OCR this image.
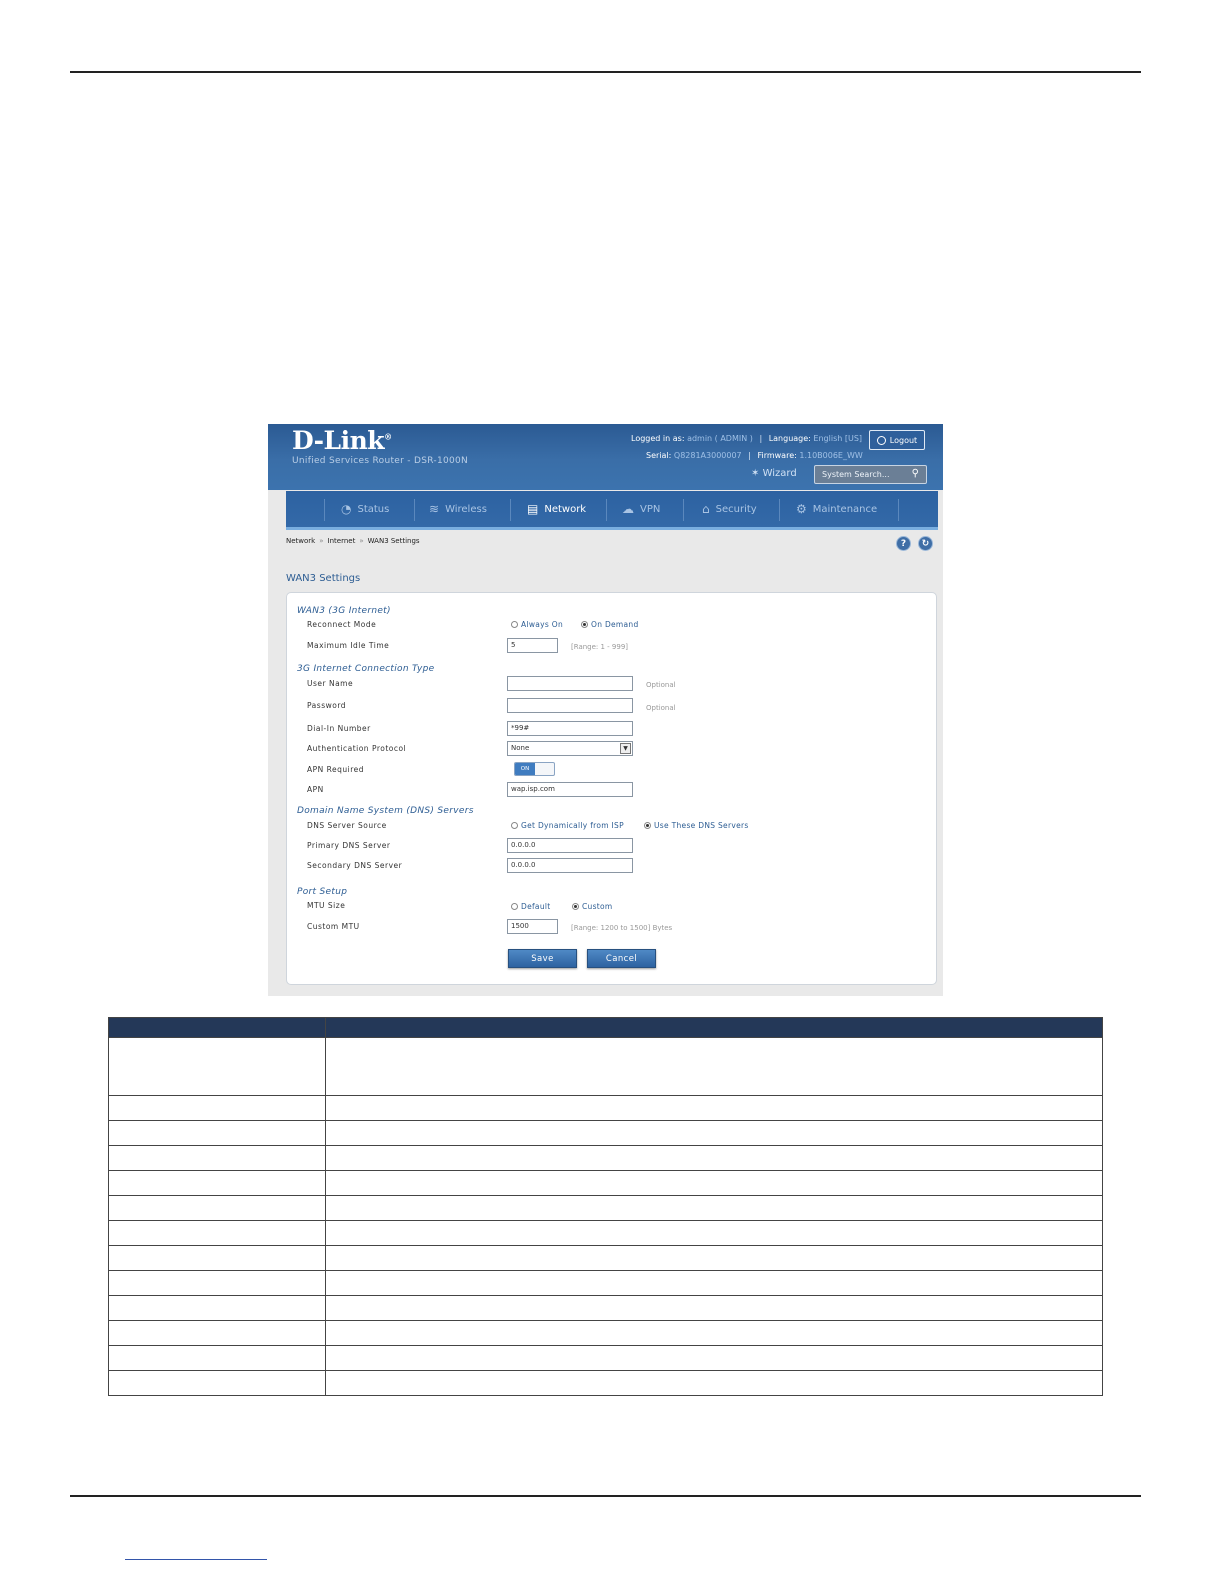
D-Link®
Unified Services Router - DSR-1000N
Logged in as: admin ( ADMIN ) | Language: English [US]	Logout
Serial: Q8281A3000007 | Firmware: 1.10B006E_WW
✶ Wizard	System Search... ⚲
◔ Status	≋ Wireless	▤ Network	☁ VPN	⌂ Security	⚙ Maintenance
Network » Internet » WAN3 Settings	?	↻
WAN3 Settings
WAN3 (3G Internet)
Reconnect Mode	Always On	On Demand
Maximum Idle Time	5	[Range: 1 - 999]
3G Internet Connection Type
User Name	Optional
Password	Optional
Dial-In Number	*99#
Authentication Protocol	None	▼
APN Required	ON
APN	wap.isp.com
Domain Name System (DNS) Servers
DNS Server Source	Get Dynamically from ISP	Use These DNS Servers
Primary DNS Server	0.0.0.0
Secondary DNS Server	0.0.0.0
Port Setup
MTU Size	Default	Custom
Custom MTU	1500	[Range: 1200 to 1500] Bytes
Save	Cancel
